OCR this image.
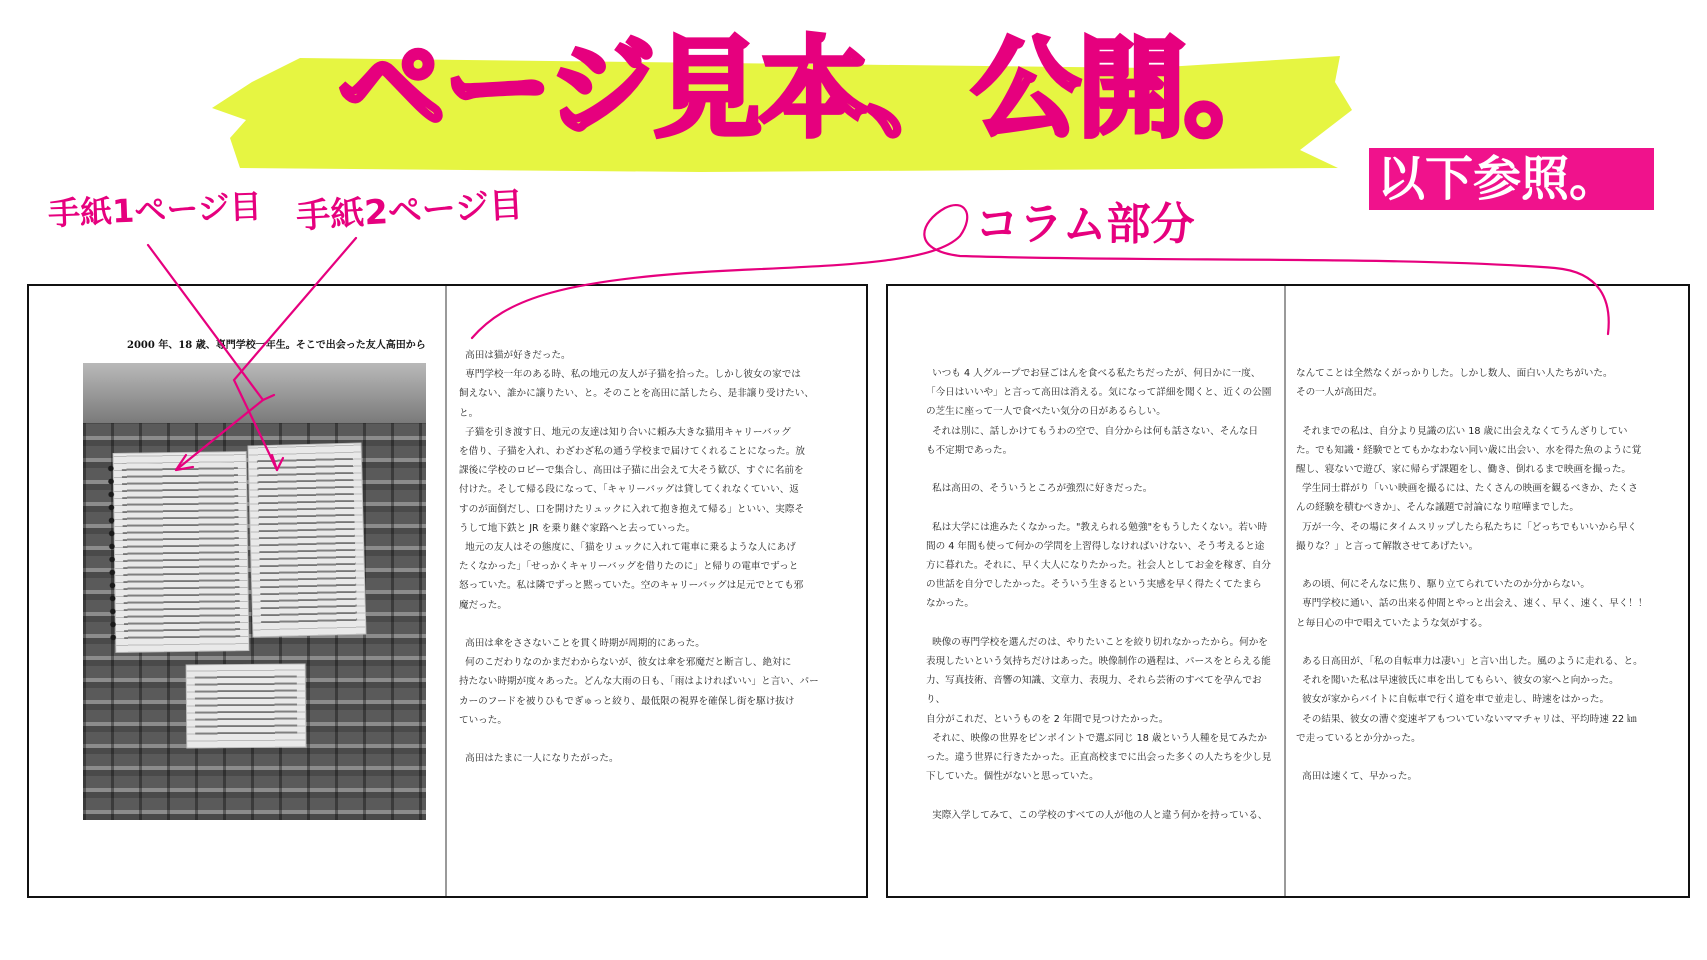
ページ見本、公開。
以下参照。
手紙1ページ目 手紙2ページ目	コラム部分
2000 年、18 歳、専門学校一年生。そこで出会った友人高田から
高田は猫が好きだった。
専門学校一年のある時、私の地元の友人が子猫を拾った。しかし彼女の家では
飼えない、誰かに譲りたい、と。そのことを高田に話したら、是非譲り受けたい、
と。
子猫を引き渡す日、地元の友達は知り合いに頼み大きな猫用キャリーバッグ
を借り、子猫を入れ、わざわざ私の通う学校まで届けてくれることになった。放
課後に学校のロビーで集合し、高田は子猫に出会えて大そう歓び、すぐに名前を
付けた。そして帰る段になって、「キャリーバッグは貸してくれなくていい、返
すのが面倒だし、口を開けたリュックに入れて抱き抱えて帰る」といい、実際そ
うして地下鉄と JR を乗り継ぐ家路へと去っていった。
地元の友人はその態度に、「猫をリュックに入れて電車に乗るような人にあげ
たくなかった」「せっかくキャリーバッグを借りたのに」と帰りの電車でずっと
怒っていた。私は隣でずっと黙っていた。空のキャリーバッグは足元でとても邪
魔だった。

高田は傘をささないことを貫く時期が周期的にあった。
何のこだわりなのかまだわからないが、彼女は傘を邪魔だと断言し、絶対に
持たない時期が度々あった。どんな大雨の日も、「雨はよければいい」と言い、パー
カーのフードを被りひもでぎゅっと絞り、最低限の視界を確保し街を駆け抜け
ていった。

高田はたまに一人になりたがった。
いつも 4 人グループでお昼ごはんを食べる私たちだったが、何日かに一度、
「今日はいいや」と言って高田は消える。気になって詳細を聞くと、近くの公園
の芝生に座って一人で食べたい気分の日があるらしい。
それは別に、話しかけてもうわの空で、自分からは何も話さない、そんな日
も不定期であった。

私は高田の、そういうところが強烈に好きだった。

私は大学には進みたくなかった。"教えられる勉強"をもうしたくない。若い時
間の 4 年間も使って何かの学問を上習得しなければいけない、そう考えると途
方に暮れた。それに、早く大人になりたかった。社会人としてお金を稼ぎ、自分
の世話を自分でしたかった。そういう生きるという実感を早く得たくてたまら
なかった。

映像の専門学校を選んだのは、やりたいことを絞り切れなかったから。何かを
表現したいという気持ちだけはあった。映像制作の過程は、パースをとらえる能
力、写真技術、音響の知識、文章力、表現力、それら芸術のすべてを孕んでおり、
自分がこれだ、というものを 2 年間で見つけたかった。
それに、映像の世界をピンポイントで選ぶ同じ 18 歳という人種を見てみたか
った。違う世界に行きたかった。正直高校までに出会った多くの人たちを少し見
下していた。個性がないと思っていた。

実際入学してみて、この学校のすべての人が他の人と違う何かを持っている、
なんてことは全然なくがっかりした。しかし数人、面白い人たちがいた。
その一人が高田だ。

それまでの私は、自分より見識の広い 18 歳に出会えなくてうんざりしてい
た。でも知識・経験でとてもかなわない同い歳に出会い、水を得た魚のように覚
醒し、寝ないで遊び、家に帰らず課題をし、働き、倒れるまで映画を撮った。
学生同士群がり「いい映画を撮るには、たくさんの映画を観るべきか、たくさ
んの経験を積むべきか」、そんな議題で討論になり喧嘩までした。
万が一今、その場にタイムスリップしたら私たちに「どっちでもいいから早く
撮りな？」と言って解散させてあげたい。

あの頃、何にそんなに焦り、駆り立てられていたのか分からない。
専門学校に通い、話の出来る仲間とやっと出会え、速く、早く、速く、早く！！
と毎日心の中で唱えていたような気がする。

ある日高田が、「私の自転車力は凄い」と言い出した。風のように走れる、と。
それを聞いた私は早速彼氏に車を出してもらい、彼女の家へと向かった。
彼女が家からバイトに自転車で行く道を車で並走し、時速をはかった。
その結果、彼女の漕ぐ変速ギアもついていないママチャリは、平均時速 22 ㎞
で走っているとか分かった。

高田は速くて、早かった。
